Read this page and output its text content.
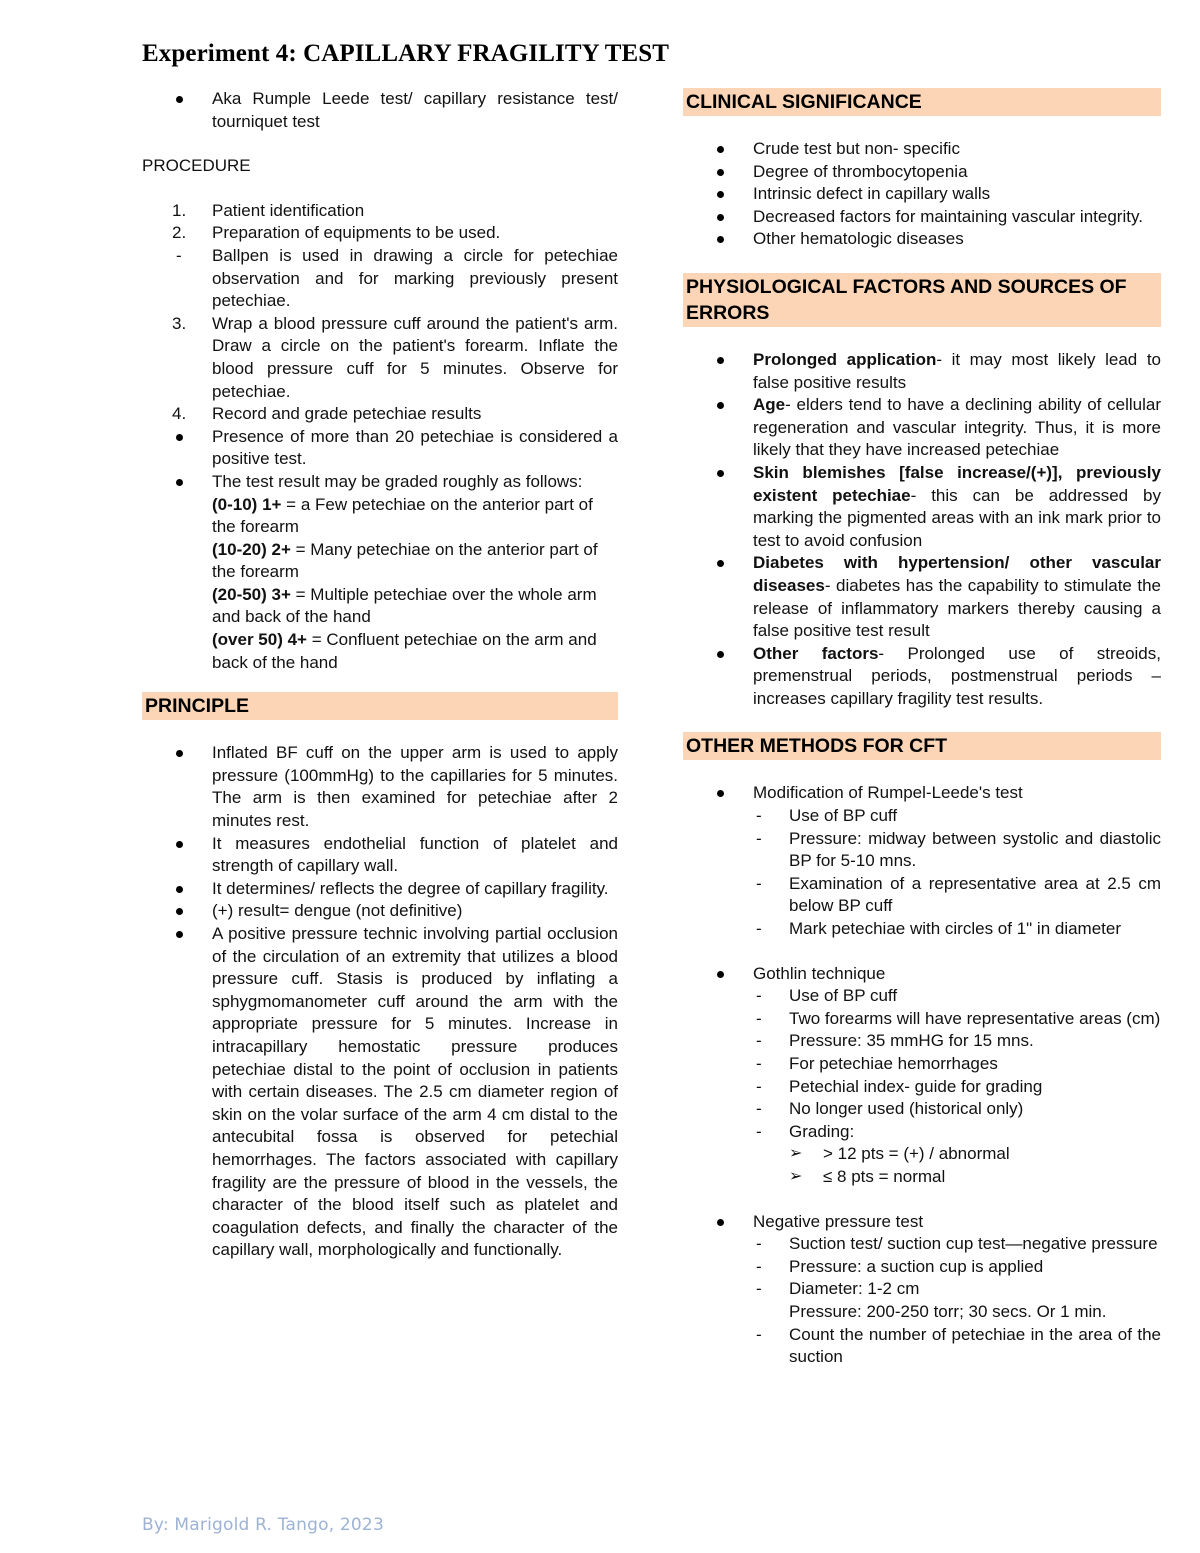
Experiment 4: CAPILLARY FRAGILITY TEST
Aka Rumple Leede test/ capillary resistance test/ tourniquet test
PROCEDURE
1.	Patient identification
2.	Preparation of equipments to be used.
-	Ballpen is used in drawing a circle for petechiae observation and for marking previously present petechiae.
3.	Wrap a blood pressure cuff around the patient's arm. Draw a circle on the patient's forearm. Inflate the blood pressure cuff for 5 minutes. Observe for petechiae.
4.	Record and grade petechiae results
Presence of more than 20 petechiae is considered a positive test.
The test result may be graded roughly as follows:
(0-10) 1+ = a Few petechiae on the anterior part of the forearm
(10-20) 2+ = Many petechiae on the anterior part of the forearm
(20-50) 3+ = Multiple petechiae over the whole arm and back of the hand
(over 50) 4+ = Confluent petechiae on the arm and back of the hand
PRINCIPLE
Inflated BF cuff on the upper arm is used to apply pressure (100mmHg) to the capillaries for 5 minutes. The arm is then examined for petechiae after 2 minutes rest.
It measures endothelial function of platelet and strength of capillary wall.
It determines/ reflects the degree of capillary fragility.
(+) result= dengue (not definitive)
A positive pressure technic involving partial occlusion of the circulation of an extremity that utilizes a blood pressure cuff. Stasis is produced by inflating a sphygmomanometer cuff around the arm with the appropriate pressure for 5 minutes. Increase in intracapillary hemostatic pressure produces petechiae distal to the point of occlusion in patients with certain diseases. The 2.5 cm diameter region of skin on the volar surface of the arm 4 cm distal to the antecubital fossa is observed for petechial hemorrhages. The factors associated with capillary fragility are the pressure of blood in the vessels, the character of the blood itself such as platelet and coagulation defects, and finally the character of the capillary wall, morphologically and functionally.
CLINICAL SIGNIFICANCE
Crude test but non- specific
Degree of thrombocytopenia
Intrinsic defect in capillary walls
Decreased factors for maintaining vascular integrity.
Other hematologic diseases
PHYSIOLOGICAL FACTORS AND SOURCES OF ERRORS
Prolonged application- it may most likely lead to false positive results
Age- elders tend to have a declining ability of cellular regeneration and vascular integrity. Thus, it is more likely that they have increased petechiae
Skin blemishes [false increase/(+)], previously existent petechiae- this can be addressed by marking the pigmented areas with an ink mark prior to test to avoid confusion
Diabetes with hypertension/ other vascular diseases- diabetes has the capability to stimulate the release of inflammatory markers thereby causing a false positive test result
Other factors- Prolonged use of streoids, premenstrual periods, postmenstrual periods – increases capillary fragility test results.
OTHER METHODS FOR CFT
Modification of Rumpel-Leede's test
- Use of BP cuff
- Pressure: midway between systolic and diastolic BP for 5-10 mns.
- Examination of a representative area at 2.5 cm below BP cuff
- Mark petechiae with circles of 1" in diameter
Gothlin technique
- Use of BP cuff
- Two forearms will have representative areas (cm)
- Pressure: 35 mmHG for 15 mns.
- For petechiae hemorrhages
- Petechial index- guide for grading
- No longer used (historical only)
- Grading:
➢ > 12 pts = (+) / abnormal
➢ ≤ 8 pts = normal
Negative pressure test
- Suction test/ suction cup test—negative pressure
- Pressure: a suction cup is applied
- Diameter: 1-2 cm
Pressure: 200-250 torr; 30 secs. Or 1 min.
- Count the number of petechiae in the area of the suction
By: Marigold R. Tango, 2023
